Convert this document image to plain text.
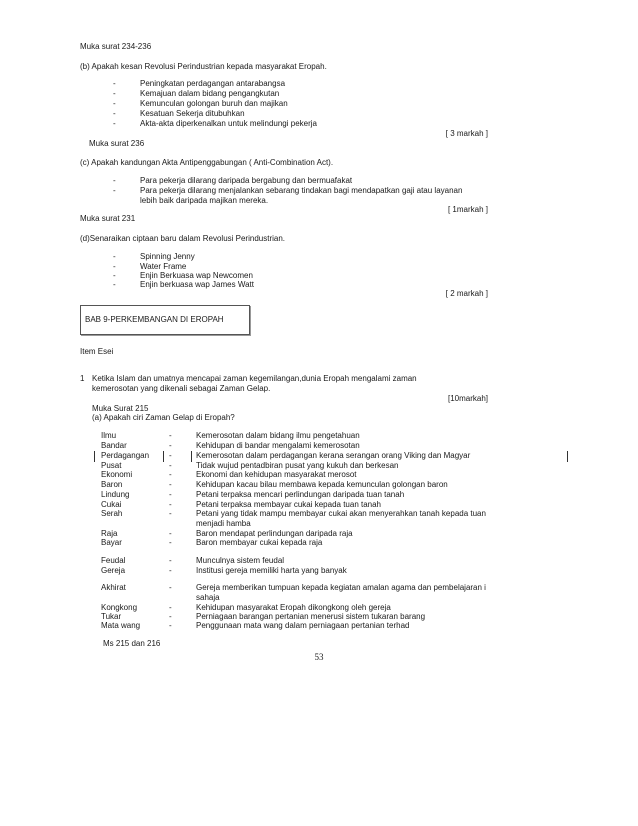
Muka surat 234-236
(b) Apakah kesan Revolusi Perindustrian kepada masyarakat Eropah.
-	Peningkatan perdagangan antarabangsa
-	Kemajuan dalam bidang pengangkutan
-	Kemunculan golongan buruh dan majikan
-	Kesatuan Sekerja ditubuhkan
-	Akta-akta diperkenalkan untuk melindungi pekerja
[ 3 markah ]
Muka surat 236
(c) Apakah kandungan Akta Antipenggabungan ( Anti-Combination Act).
-	Para pekerja dilarang daripada bergabung dan bermuafakat
-	Para pekerja dilarang menjalankan sebarang tindakan bagi mendapatkan gaji atau layanan
lebih baik daripada majikan mereka.
[ 1markah ]
Muka surat 231
(d)Senaraikan ciptaan baru dalam Revolusi Perindustrian.
-	Spinning Jenny
-	Water Frame
-	Enjin Berkuasa wap Newcomen
-	Enjin berkuasa wap James Watt
[ 2 markah ]
BAB 9-PERKEMBANGAN DI EROPAH
Item Esei
1 Ketika Islam dan umatnya mencapai zaman kegemilangan,dunia Eropah mengalami zaman
kemerosotan yang dikenali sebagai Zaman Gelap.
[10markah]
Muka Surat 215
(a) Apakah ciri Zaman Gelap di Eropah?
Ilmu	-	Kemerosotan dalam bidang ilmu pengetahuan
Bandar	-	Kehidupan di bandar mengalami kemerosotan
Perdagangan -	Kemerosotan dalam perdagangan kerana serangan orang Viking dan Magyar
Pusat	-	Tidak wujud pentadbiran pusat yang kukuh dan berkesan
Ekonomi	-	Ekonomi dan kehidupan masyarakat merosot
Baron	-	Kehidupan kacau bilau membawa kepada kemunculan golongan baron
Lindung	-	Petani terpaksa mencari perlindungan daripada tuan tanah
Cukai	-	Petani terpaksa membayar cukai kepada tuan tanah
Serah	-	Petani yang tidak mampu membayar cukai akan menyerahkan tanah kepada tuan
menjadi hamba
Raja	-	Baron mendapat perlindungan daripada raja
Bayar	-	Baron membayar cukai kepada raja
Feudal	-	Munculnya sistem feudal
Gereja	-	Institusi gereja memiliki harta yang banyak
Akhirat	-	Gereja memberikan tumpuan kepada kegiatan amalan agama dan pembelajaran i
sahaja
Kongkong	-	Kehidupan masyarakat Eropah dikongkong oleh gereja
Tukar	-	Perniagaan barangan pertanian menerusi sistem tukaran barang
Mata wang	-	Penggunaan mata wang dalam perniagaan pertanian terhad
Ms 215 dan 216
53
